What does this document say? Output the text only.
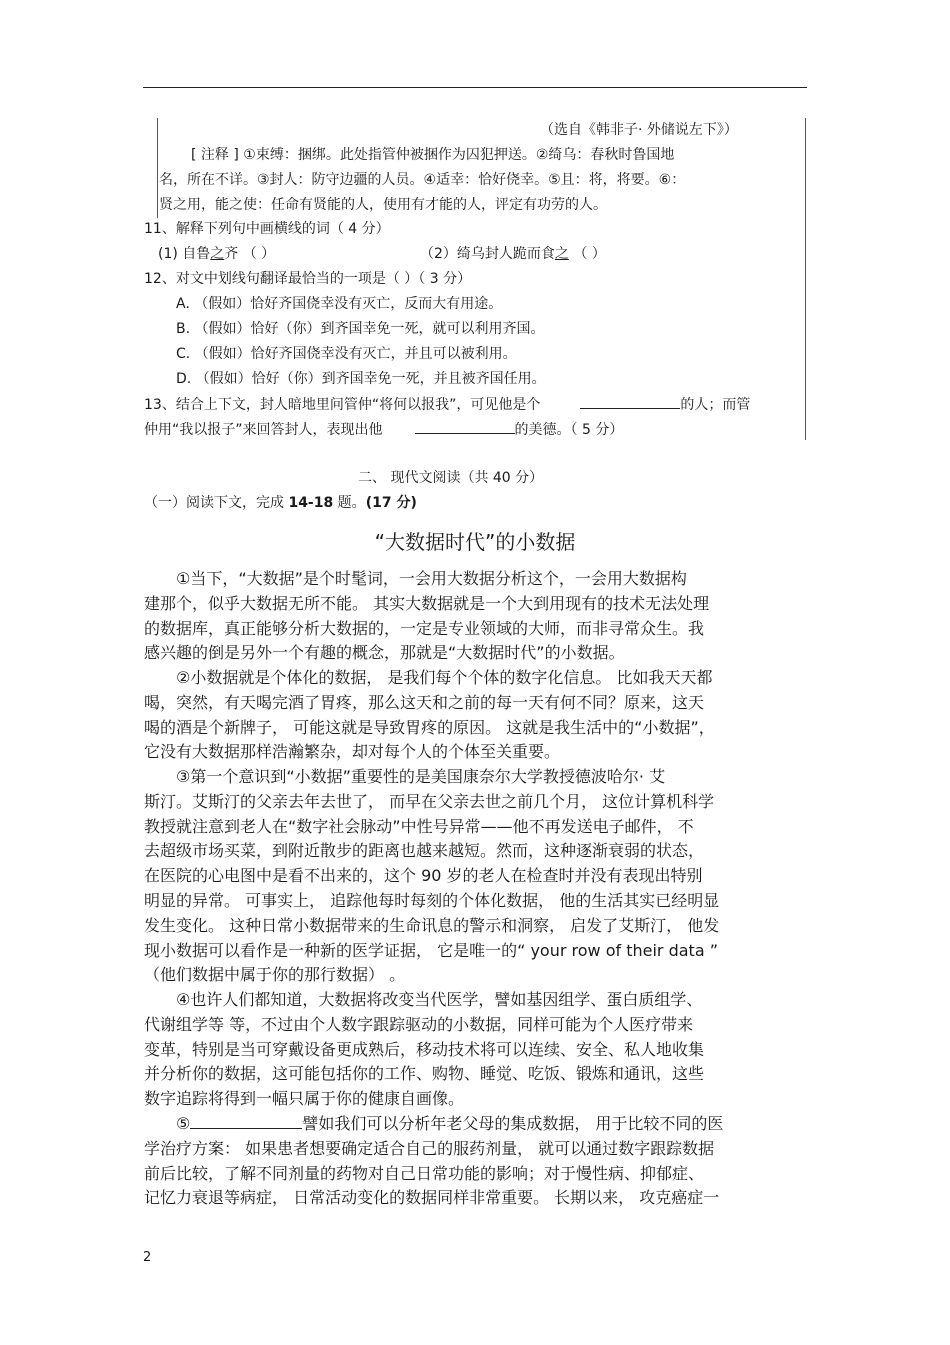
（选自《韩非子· 外储说左下》）
[ 注释 ] ①束缚：捆绑。此处指管仲被捆作为囚犯押送。②绮乌：春秋时鲁国地
名，所在不详。③封人：防守边疆的人员。④适幸：恰好侥幸。⑤且：将，将要。⑥：
贤之用，能之使：任命有贤能的人，使用有才能的人，评定有功劳的人。
11、解释下列句中画横线的词（ 4 分）
(1) 自鲁之齐 （ ）	（2）绮乌封人跪而食之 （ ）
12、对文中划线句翻译最恰当的一项是（ ）（ 3 分）
A. （假如）恰好齐国侥幸没有灭亡，反而大有用途。
B. （假如）恰好（你）到齐国幸免一死，就可以利用齐国。
C. （假如）恰好齐国侥幸没有灭亡，并且可以被利用。
D. （假如）恰好（你）到齐国幸免一死，并且被齐国任用。
13、结合上下文，封人暗地里问管仲“将何以报我”，可见他是个	的人；而管
仲用“我以报子”来回答封人，表现出他	的美德。（ 5 分）
二、 现代文阅读（共 40 分）
（一）阅读下文，完成 14-18 题。(17 分)
“大数据时代”的小数据
①当下，“大数据”是个时髦词，一会用大数据分析这个，一会用大数据构
建那个，似乎大数据无所不能。 其实大数据就是一个大到用现有的技术无法处理
的数据库，真正能够分析大数据的，一定是专业领域的大师，而非寻常众生。我
感兴趣的倒是另外一个有趣的概念，那就是“大数据时代”的小数据。
②小数据就是个体化的数据， 是我们每个个体的数字化信息。 比如我天天都
喝，突然，有天喝完酒了胃疼，那么这天和之前的每一天有何不同？原来，这天
喝的酒是个新牌子， 可能这就是导致胃疼的原因。 这就是我生活中的“小数据”，
它没有大数据那样浩瀚繁杂，却对每个人的个体至关重要。
③第一个意识到“小数据”重要性的是美国康奈尔大学教授德波哈尔· 艾
斯汀。艾斯汀的父亲去年去世了， 而早在父亲去世之前几个月， 这位计算机科学
教授就注意到老人在“数字社会脉动”中性号异常——他不再发送电子邮件， 不
去超级市场买菜，到附近散步的距离也越来越短。然而，这种逐渐衰弱的状态，
在医院的心电图中是看不出来的，这个 90 岁的老人在检查时并没有表现出特别
明显的异常。 可事实上， 追踪他每时每刻的个体化数据， 他的生活其实已经明显
发生变化。 这种日常小数据带来的生命讯息的警示和洞察， 启发了艾斯汀， 他发
现小数据可以看作是一种新的医学证据， 它是唯一的“ your row of their data ”
（他们数据中属于你的那行数据） 。
④也许人们都知道，大数据将改变当代医学，譬如基因组学、蛋白质组学、
代谢组学等 等，不过由个人数字跟踪驱动的小数据，同样可能为个人医疗带来
变革，特别是当可穿戴设备更成熟后，移动技术将可以连续、安全、私人地收集
并分析你的数据，这可能包括你的工作、购物、睡觉、吃饭、锻炼和通讯，这些
数字追踪将得到一幅只属于你的健康自画像。
⑤	譬如我们可以分析年老父母的集成数据， 用于比较不同的医
学治疗方案： 如果患者想要确定适合自己的服药剂量， 就可以通过数字跟踪数据
前后比较，了解不同剂量的药物对自己日常功能的影响；对于慢性病、抑郁症、
记忆力衰退等病症， 日常活动变化的数据同样非常重要。 长期以来， 攻克癌症一
2
